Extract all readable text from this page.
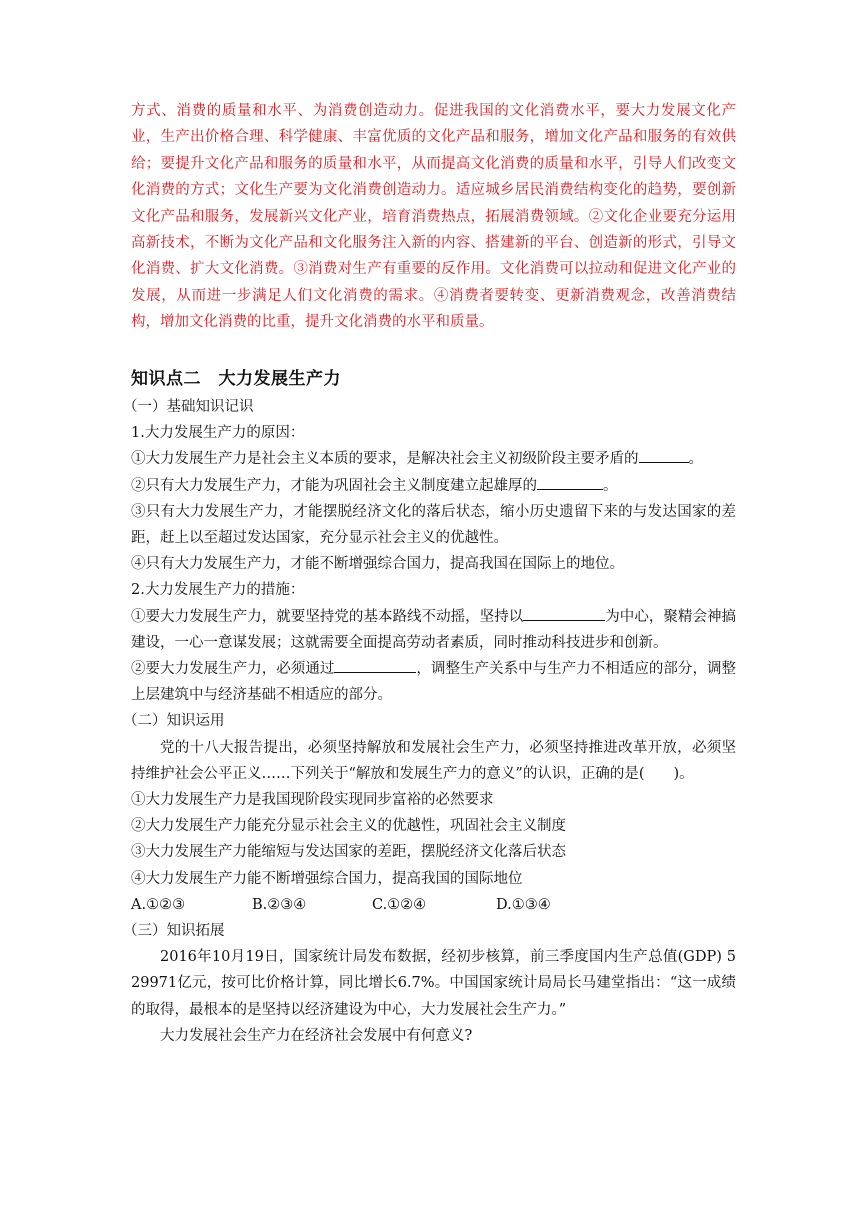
方式、消费的质量和水平、为消费创造动力。促进我国的文化消费水平，要大力发展文化产业，生产出价格合理、科学健康、丰富优质的文化产品和服务，增加文化产品和服务的有效供给；要提升文化产品和服务的质量和水平，从而提高文化消费的质量和水平，引导人们改变文化消费的方式；文化生产要为文化消费创造动力。适应城乡居民消费结构变化的趋势，要创新文化产品和服务，发展新兴文化产业，培育消费热点，拓展消费领域。②文化企业要充分运用高新技术，不断为文化产品和文化服务注入新的内容、搭建新的平台、创造新的形式，引导文化消费、扩大文化消费。③消费对生产有重要的反作用。文化消费可以拉动和促进文化产业的发展，从而进一步满足人们文化消费的需求。④消费者要转变、更新消费观念，改善消费结构，增加文化消费的比重，提升文化消费的水平和质量。

知识点二　大力发展生产力

（一）基础知识记识

1.大力发展生产力的原因：

①大力发展生产力是社会主义本质的要求，是解决社会主义初级阶段主要矛盾的	。

②只有大力发展生产力，才能为巩固社会主义制度建立起雄厚的	。

③只有大力发展生产力，才能摆脱经济文化的落后状态，缩小历史遗留下来的与发达国家的差距，赶上以至超过发达国家，充分显示社会主义的优越性。

④只有大力发展生产力，才能不断增强综合国力，提高我国在国际上的地位。

2.大力发展生产力的措施：

①要大力发展生产力，就要坚持党的基本路线不动摇，坚持以	为中心，聚精会神搞建设，一心一意谋发展；这就需要全面提高劳动者素质，同时推动科技进步和创新。

②要大力发展生产力，必须通过	，调整生产关系中与生产力不相适应的部分，调整上层建筑中与经济基础不相适应的部分。

（二）知识运用

党的十八大报告提出，必须坚持解放和发展社会生产力，必须坚持推进改革开放，必须坚持维护社会公平正义……下列关于“解放和发展生产力的意义”的认识，正确的是(　　)。

①大力发展生产力是我国现阶段实现同步富裕的必然要求

②大力发展生产力能充分显示社会主义的优越性，巩固社会主义制度

③大力发展生产力能缩短与发达国家的差距，摆脱经济文化落后状态

④大力发展生产力能不断增强综合国力，提高我国的国际地位

A.①②③	B.②③④	C.①②④	D.①③④

（三）知识拓展

2016年10月19日，国家统计局发布数据，经初步核算，前三季度国内生产总值(GDP) 529971亿元，按可比价格计算，同比增长6.7%。中国国家统计局局长马建堂指出：“这一成绩的取得，最根本的是坚持以经济建设为中心，大力发展社会生产力。”

大力发展社会生产力在经济社会发展中有何意义?
